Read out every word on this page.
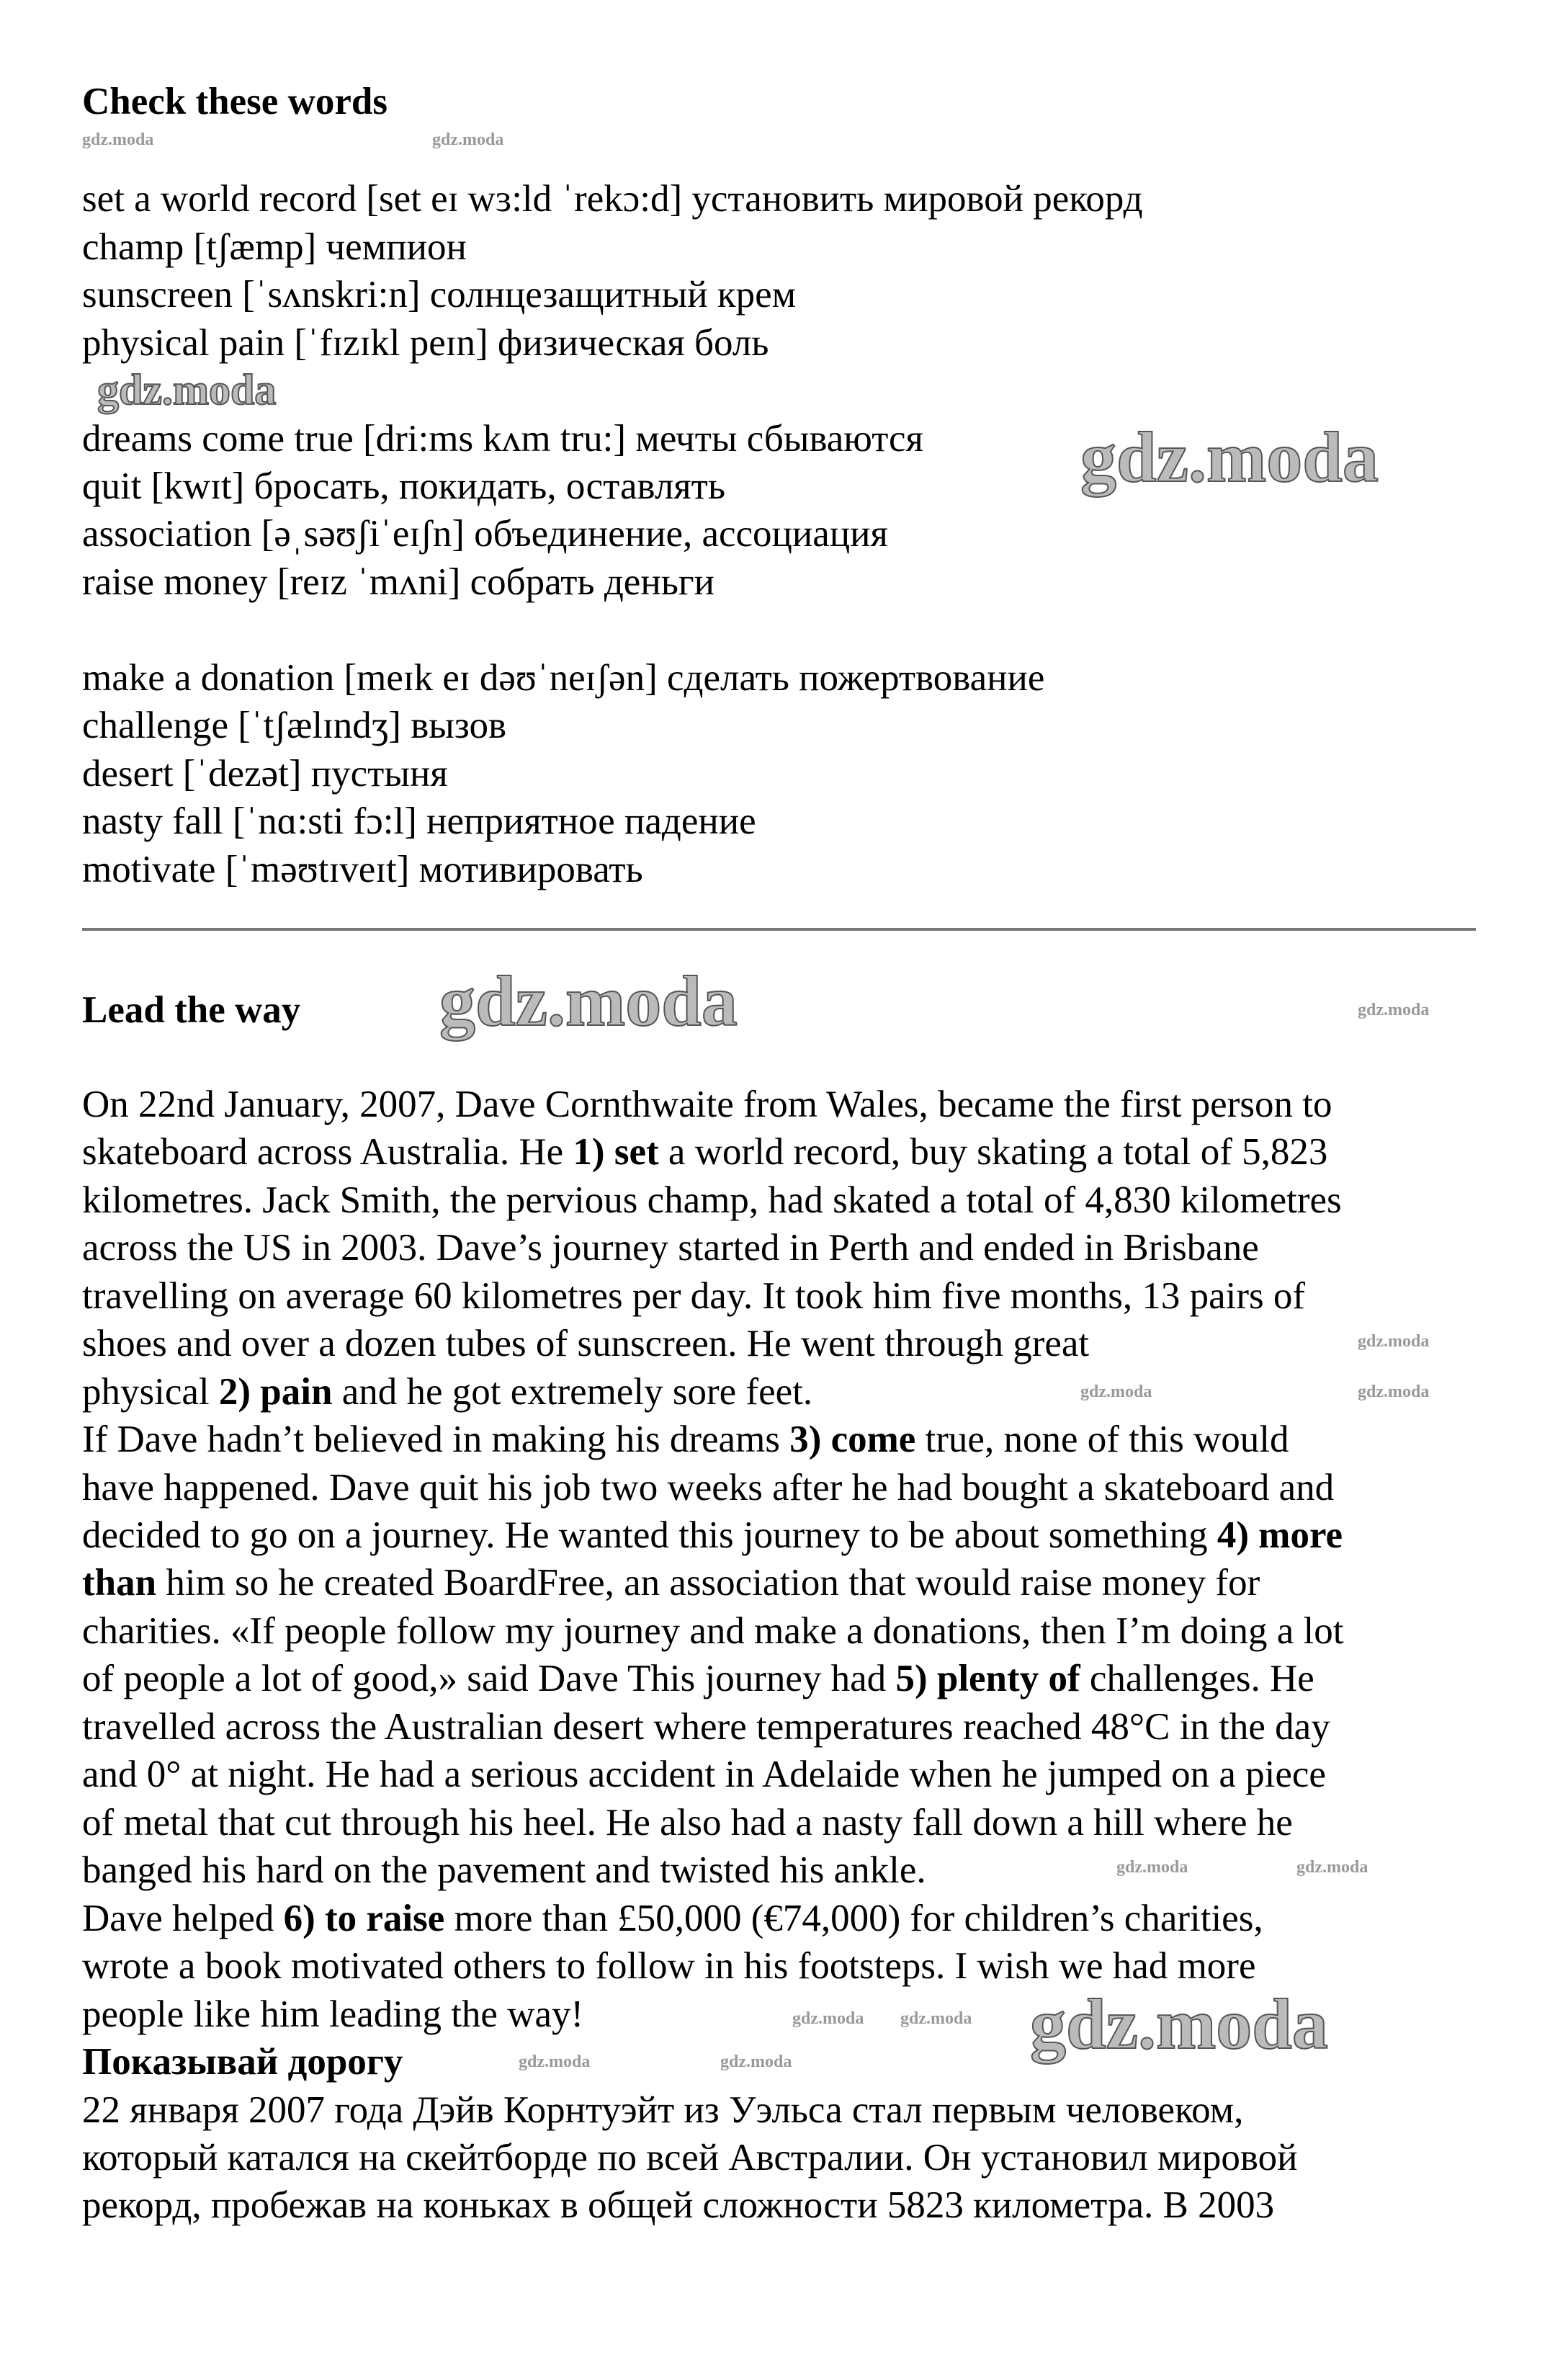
Check these words
set a world record [set eɪ wɜ:ld ˈrekɔ:d] установить мировой рекорд
champ [tʃæmp] чемпион
sunscreen [ˈsʌnskri:n] солнцезащитный крем
physical pain [ˈfɪzɪkl peɪn] физическая боль
dreams come true [dri:ms kʌm tru:] мечты сбываются
quit [kwɪt] бросать, покидать, оставлять
association [əˌsəʊʃiˈeɪʃn] объединение, ассоциация
raise money [reɪz ˈmʌni] собрать деньги
make a donation [meɪk eɪ dəʊˈneɪʃən] сделать пожертвование
challenge [ˈtʃælɪndʒ] вызов
desert [ˈdezət] пустыня
nasty fall [ˈnɑ:sti fɔ:l] неприятное падение
motivate [ˈməʊtɪveɪt] мотивировать
Lead the way
On 22nd January, 2007, Dave Cornthwaite from Wales, became the first person to
skateboard across Australia. He 1) set a world record, buy skating a total of 5,823
kilometres. Jack Smith, the pervious champ, had skated a total of 4,830 kilometres
across the US in 2003. Dave’s journey started in Perth and ended in Brisbane
travelling on average 60 kilometres per day. It took him five months, 13 pairs of
shoes and over a dozen tubes of sunscreen. He went through great
physical 2) pain and he got extremely sore feet.
If Dave hadn’t believed in making his dreams 3) come true, none of this would
have happened. Dave quit his job two weeks after he had bought a skateboard and
decided to go on a journey. He wanted this journey to be about something 4) more
than him so he created BoardFree, an association that would raise money for
charities. «If people follow my journey and make a donations, then I’m doing a lot
of people a lot of good,» said Dave This journey had 5) plenty of challenges. He
travelled across the Australian desert where temperatures reached 48°C in the day
and 0° at night. He had a serious accident in Adelaide when he jumped on a piece
of metal that cut through his heel. He also had a nasty fall down a hill where he
banged his hard on the pavement and twisted his ankle.
Dave helped 6) to raise more than £50,000 (€74,000) for children’s charities,
wrote a book motivated others to follow in his footsteps. I wish we had more
people like him leading the way!
Показывай дорогу
22 января 2007 года Дэйв Корнтуэйт из Уэльса стал первым человеком,
который катался на скейтборде по всей Австралии. Он установил мировой
рекорд, пробежав на коньках в общей сложности 5823 километра. В 2003
gdz.moda	gdz.moda
gdz.moda
gdz.moda
gdz.moda	gdz.moda
gdz.moda
gdz.moda
gdz.moda	gdz.moda
gdz.moda
gdz.moda gdz.moda
gdz.moda	gdz.moda	gdz.moda
